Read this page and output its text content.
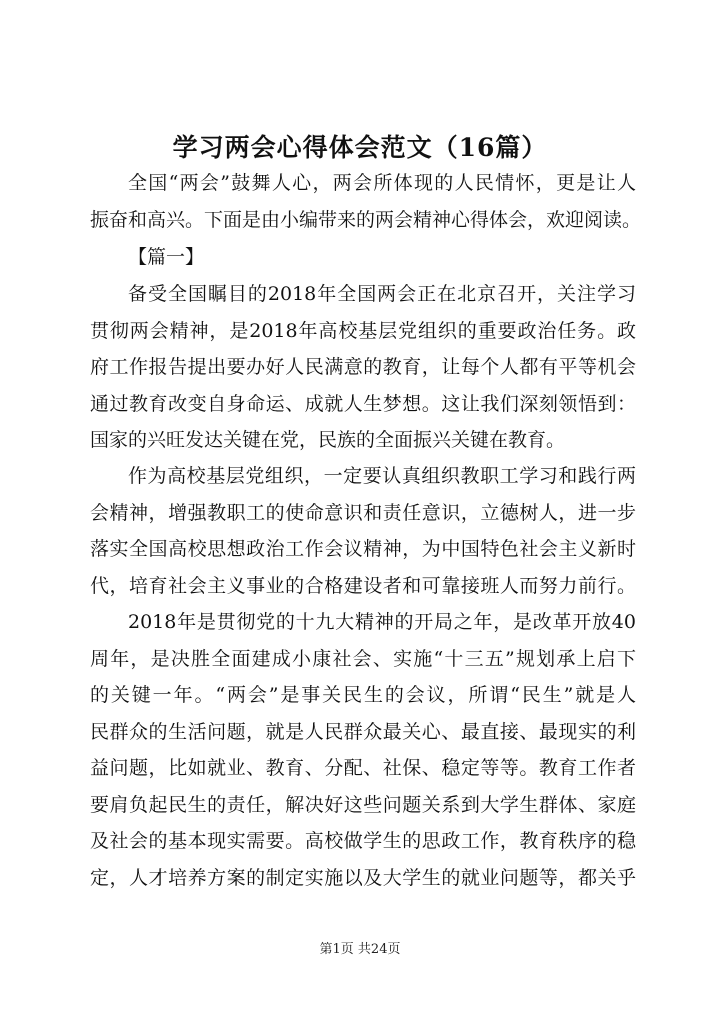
学习两会心得体会范文（16篇）
全国“两会”鼓舞人心，两会所体现的人民情怀，更是让人
振奋和高兴。下面是由小编带来的两会精神心得体会，欢迎阅读。
【篇一】
备受全国瞩目的2018年全国两会正在北京召开，关注学习
贯彻两会精神，是2018年高校基层党组织的重要政治任务。政
府工作报告提出要办好人民满意的教育，让每个人都有平等机会
通过教育改变自身命运、成就人生梦想。这让我们深刻领悟到：
国家的兴旺发达关键在党，民族的全面振兴关键在教育。
作为高校基层党组织，一定要认真组织教职工学习和践行两
会精神，增强教职工的使命意识和责任意识，立德树人，进一步
落实全国高校思想政治工作会议精神，为中国特色社会主义新时
代，培育社会主义事业的合格建设者和可靠接班人而努力前行。
2018年是贯彻党的十九大精神的开局之年，是改革开放40
周年，是决胜全面建成小康社会、实施“十三五”规划承上启下
的关键一年。“两会”是事关民生的会议，所谓“民生”就是人
民群众的生活问题，就是人民群众最关心、最直接、最现实的利
益问题，比如就业、教育、分配、社保、稳定等等。教育工作者
要肩负起民生的责任，解决好这些问题关系到大学生群体、家庭
及社会的基本现实需要。高校做学生的思政工作，教育秩序的稳
定，人才培养方案的制定实施以及大学生的就业问题等，都关乎
第1页 共24页
